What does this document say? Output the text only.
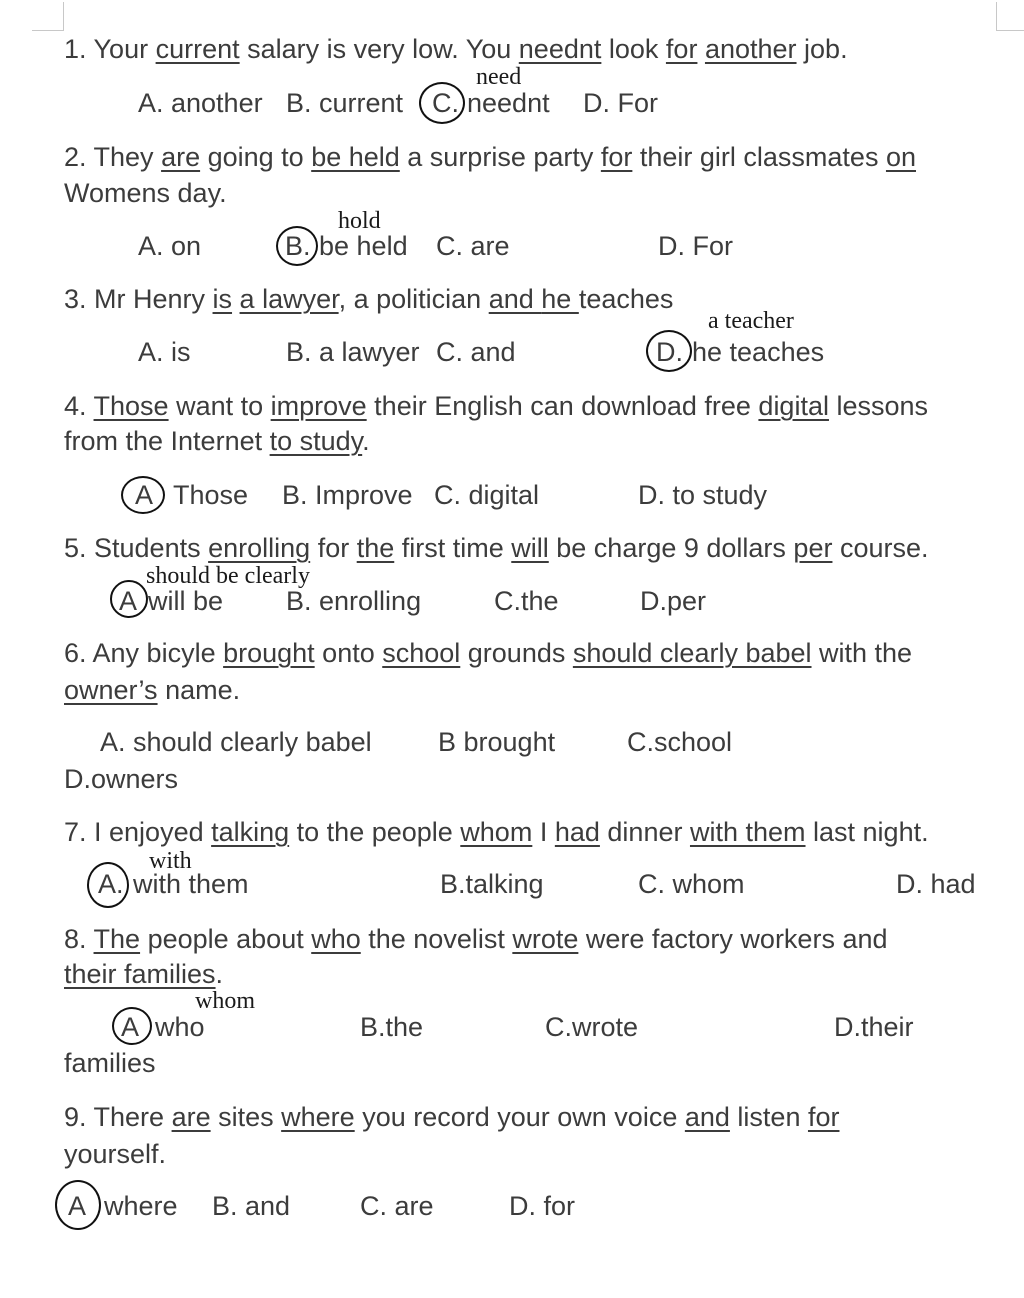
1. Your current salary is very low. You neednt look for another job.
need
A. another B. current C. neednt D. For
2. They are going to be held a surprise party for their girl classmates on
Womens day.
hold
A. on	B. be held C. are	D. For
3. Mr Henry is a lawyer, a politician and he teaches
a teacher
A. is	B. a lawyer C. and	D. he teaches
4. Those want to improve their English can download free digital lessons
from the Internet to study.
A Those B. Improve C. digital	D. to study
5. Students enrolling for the first time will be charge 9 dollars per course.
should be clearly
A will be B. enrolling	C.the	D.per
6. Any bicyle brought onto school grounds should clearly babel with the
owner’s name.
A. should clearly babel B brought	C.school
D.owners
7. I enjoyed talking to the people whom I had dinner with them last night.
with
A. with them	B.talking	C. whom	D. had
8. The people about who the novelist wrote were factory workers and
their families.
whom
A who	B.the	C.wrote	D.their
families
9. There are sites where you record your own voice and listen for
yourself.
A where B. and	C. are	D. for
